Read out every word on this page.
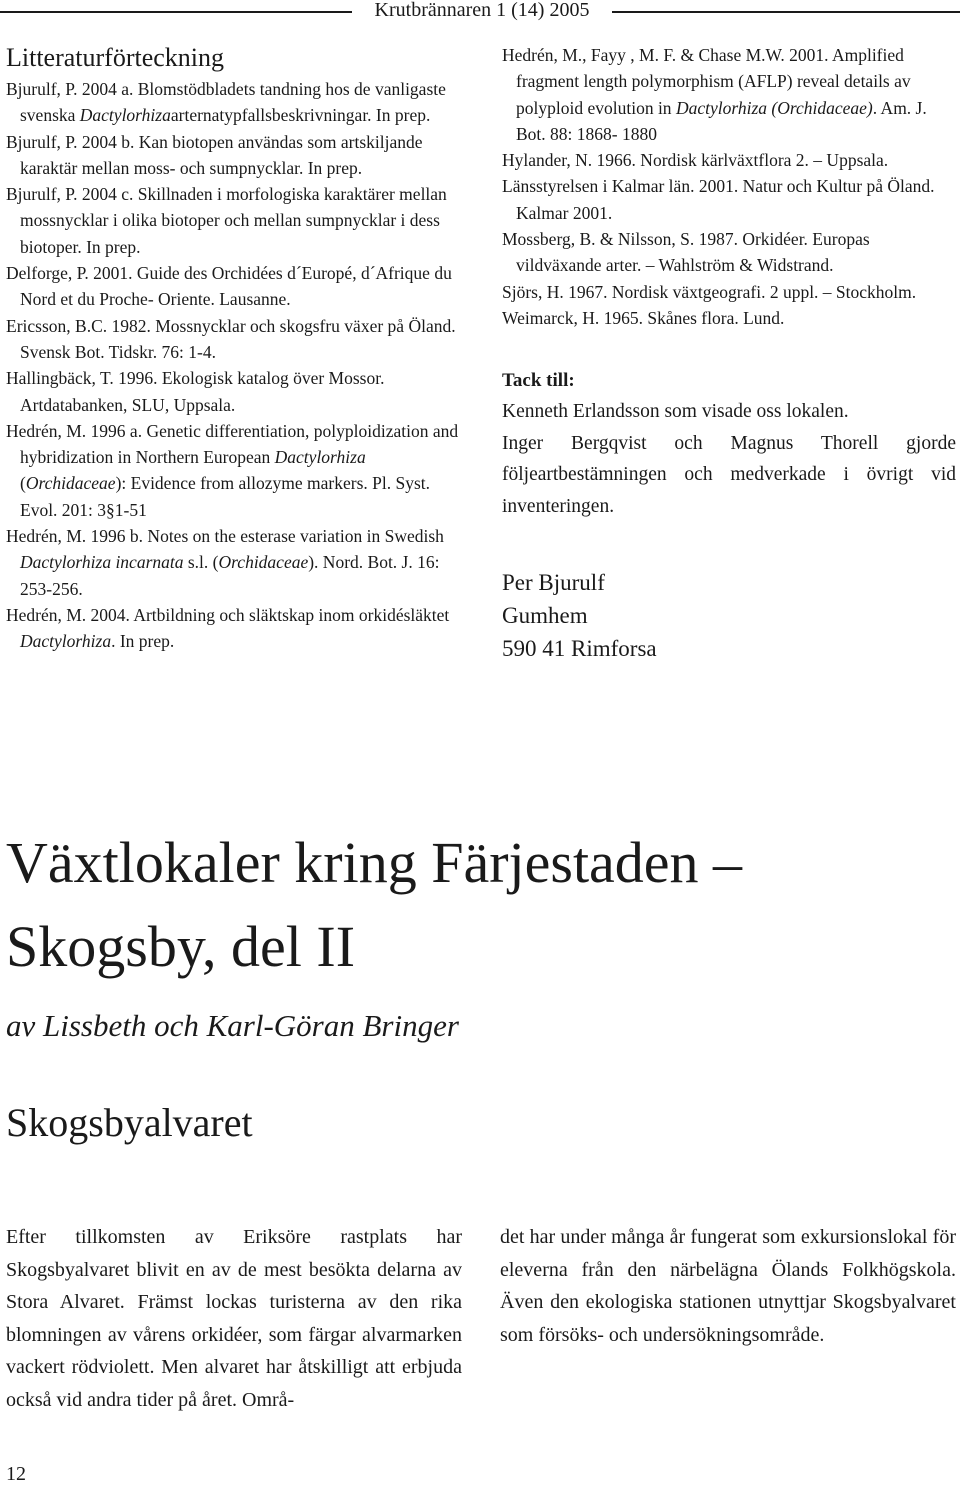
Krutbrännaren 1 (14) 2005
Litteraturförteckning

Bjurulf, P. 2004 a. Blomstödbladets tandning hos de vanligaste svenska Dactylorhizaarternatypfallsbeskrivningar. In prep.

Bjurulf, P. 2004 b. Kan biotopen användas som artskiljande karaktär mellan moss- och sumpnycklar. In prep.

Bjurulf, P. 2004 c. Skillnaden i morfologiska karaktärer mellan mossnycklar i olika biotoper och mellan sumpnycklar i dess biotoper. In prep.

Delforge, P. 2001. Guide des Orchidées d´Europé, d´Afrique du Nord et du Proche- Oriente. Lausanne.

Ericsson, B.C. 1982. Mossnycklar och skogsfru växer på Öland. Svensk Bot. Tidskr. 76: 1-4.

Hallingbäck, T. 1996. Ekologisk katalog över Mossor. Artdatabanken, SLU, Uppsala.

Hedrén, M. 1996 a. Genetic differentiation, polyploidization and hybridization in Northern European Dactylorhiza (Orchidaceae): Evidence from allozyme markers. Pl. Syst. Evol. 201: 3§1-51

Hedrén, M. 1996 b. Notes on the esterase variation in Swedish Dactylorhiza incarnata s.l. (Orchidaceae). Nord. Bot. J. 16: 253-256.

Hedrén, M. 2004. Artbildning och släktskap inom orkidésläktet Dactylorhiza. In prep.

Hedrén, M., Fayy , M. F. & Chase M.W. 2001. Amplified fragment length polymorphism (AFLP) reveal details av polyploid evolution in Dactylorhiza (Orchidaceae). Am. J. Bot. 88: 1868- 1880

Hylander, N. 1966. Nordisk kärlväxtflora 2. – Uppsala.

Länsstyrelsen i Kalmar län. 2001. Natur och Kultur på Öland. Kalmar 2001.

Mossberg, B. & Nilsson, S. 1987. Orkidéer. Europas vildväxande arter. – Wahlström & Widstrand.

Sjörs, H. 1967. Nordisk växtgeografi. 2 uppl. – Stockholm.

Weimarck, H. 1965. Skånes flora. Lund.

Tack till:

Kenneth Erlandsson som visade oss lokalen.

Inger Bergqvist och Magnus Thorell gjorde följeartbestämningen och medverkade i övrigt vid inventeringen.

Per Bjurulf
Gumhem
590 41 Rimforsa
Växtlokaler kring Färjestaden –
Skogsby, del II
av Lissbeth och Karl-Göran Bringer
Skogsbyalvaret

Efter tillkomsten av Eriksöre rastplats har Skogsbyalvaret blivit en av de mest besökta delarna av Stora Alvaret. Främst lockas turisterna av den rika blomningen av vårens orkidéer, som färgar alvarmarken vackert rödviolett. Men alvaret har åtskilligt att erbjuda också vid andra tider på året. Områ-

det har under många år fungerat som exkursionslokal för eleverna från den närbelägna Ölands Folkhögskola. Även den ekologiska stationen utnyttjar Skogsbyalvaret som försöks- och undersökningsområde.

12
